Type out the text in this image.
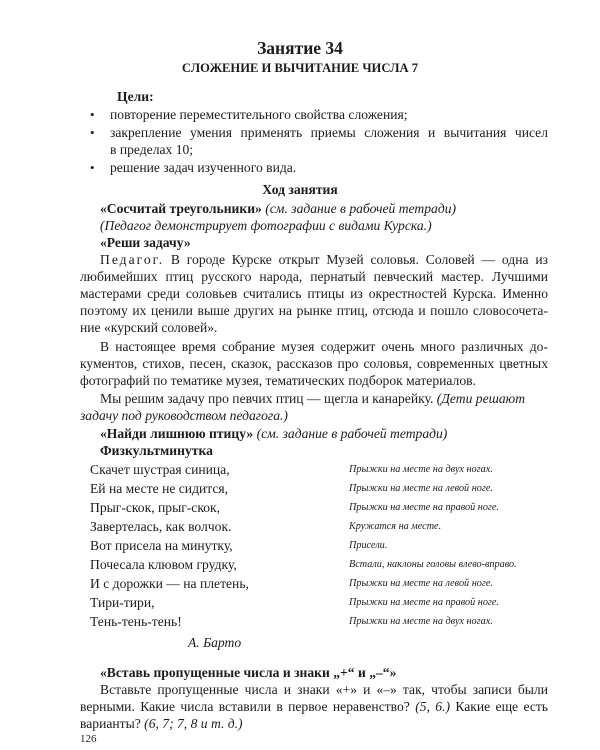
Занятие 34
СЛОЖЕНИЕ И ВЫЧИТАНИЕ ЧИСЛА 7
Цели:
• повторение переместительного свойства сложения;
• закрепление умения применять приемы сложения и вычитания чисел
в пределах 10;
• решение задач изученного вида.
Ход занятия
«Сосчитай треугольники» (см. задание в рабочей тетради)
(Педагог демонстрирует фотографии с видами Курска.)
«Реши задачу»
Педагог. В городе Курске открыт Музей соловья. Соловей — одна из
любимейших птиц русского народа, пернатый певческий мастер. Лучшими
мастерами среди соловьев считались птицы из окрестностей Курска. Именно
поэтому их ценили выше других на рынке птиц, отсюда и пошло словосочета-
ние «курский соловей».
В настоящее время собрание музея содержит очень много различных до-
кументов, стихов, песен, сказок, рассказов про соловья, современных цветных
фотографий по тематике музея, тематических подборок материалов.
Мы решим задачу про певчих птиц — щегла и канарейку. (Дети решают
задачу под руководством педагога.)
«Найди лишнюю птицу» (см. задание в рабочей тетради)
Физкультминутка
Скачет шустрая синица,
Ей на месте не сидится,
Прыг-скок, прыг-скок,
Завертелась, как волчок.
Вот присела на минутку,
Почесала клювом грудку,
И с дорожки — на плетень,
Тири-тири,
Тень-тень-тень!
Прыжки на месте на двух ногах.
Прыжки на месте на левой ноге.
Прыжки на месте на правой ноге.
Кружатся на месте.
Присели.
Встали, наклоны головы влево-вправо.
Прыжки на месте на левой ноге.
Прыжки на месте на правой ноге.
Прыжки на месте на двух ногах.
А. Барто
«Вставь пропущенные числа и знаки „+“ и „–“»
Вставьте пропущенные числа и знаки «+» и «–» так, чтобы записи были
верными. Какие числа вставили в первое неравенство? (5, 6.) Какие еще есть
варианты? (6, 7; 7, 8 и т. д.)
126
